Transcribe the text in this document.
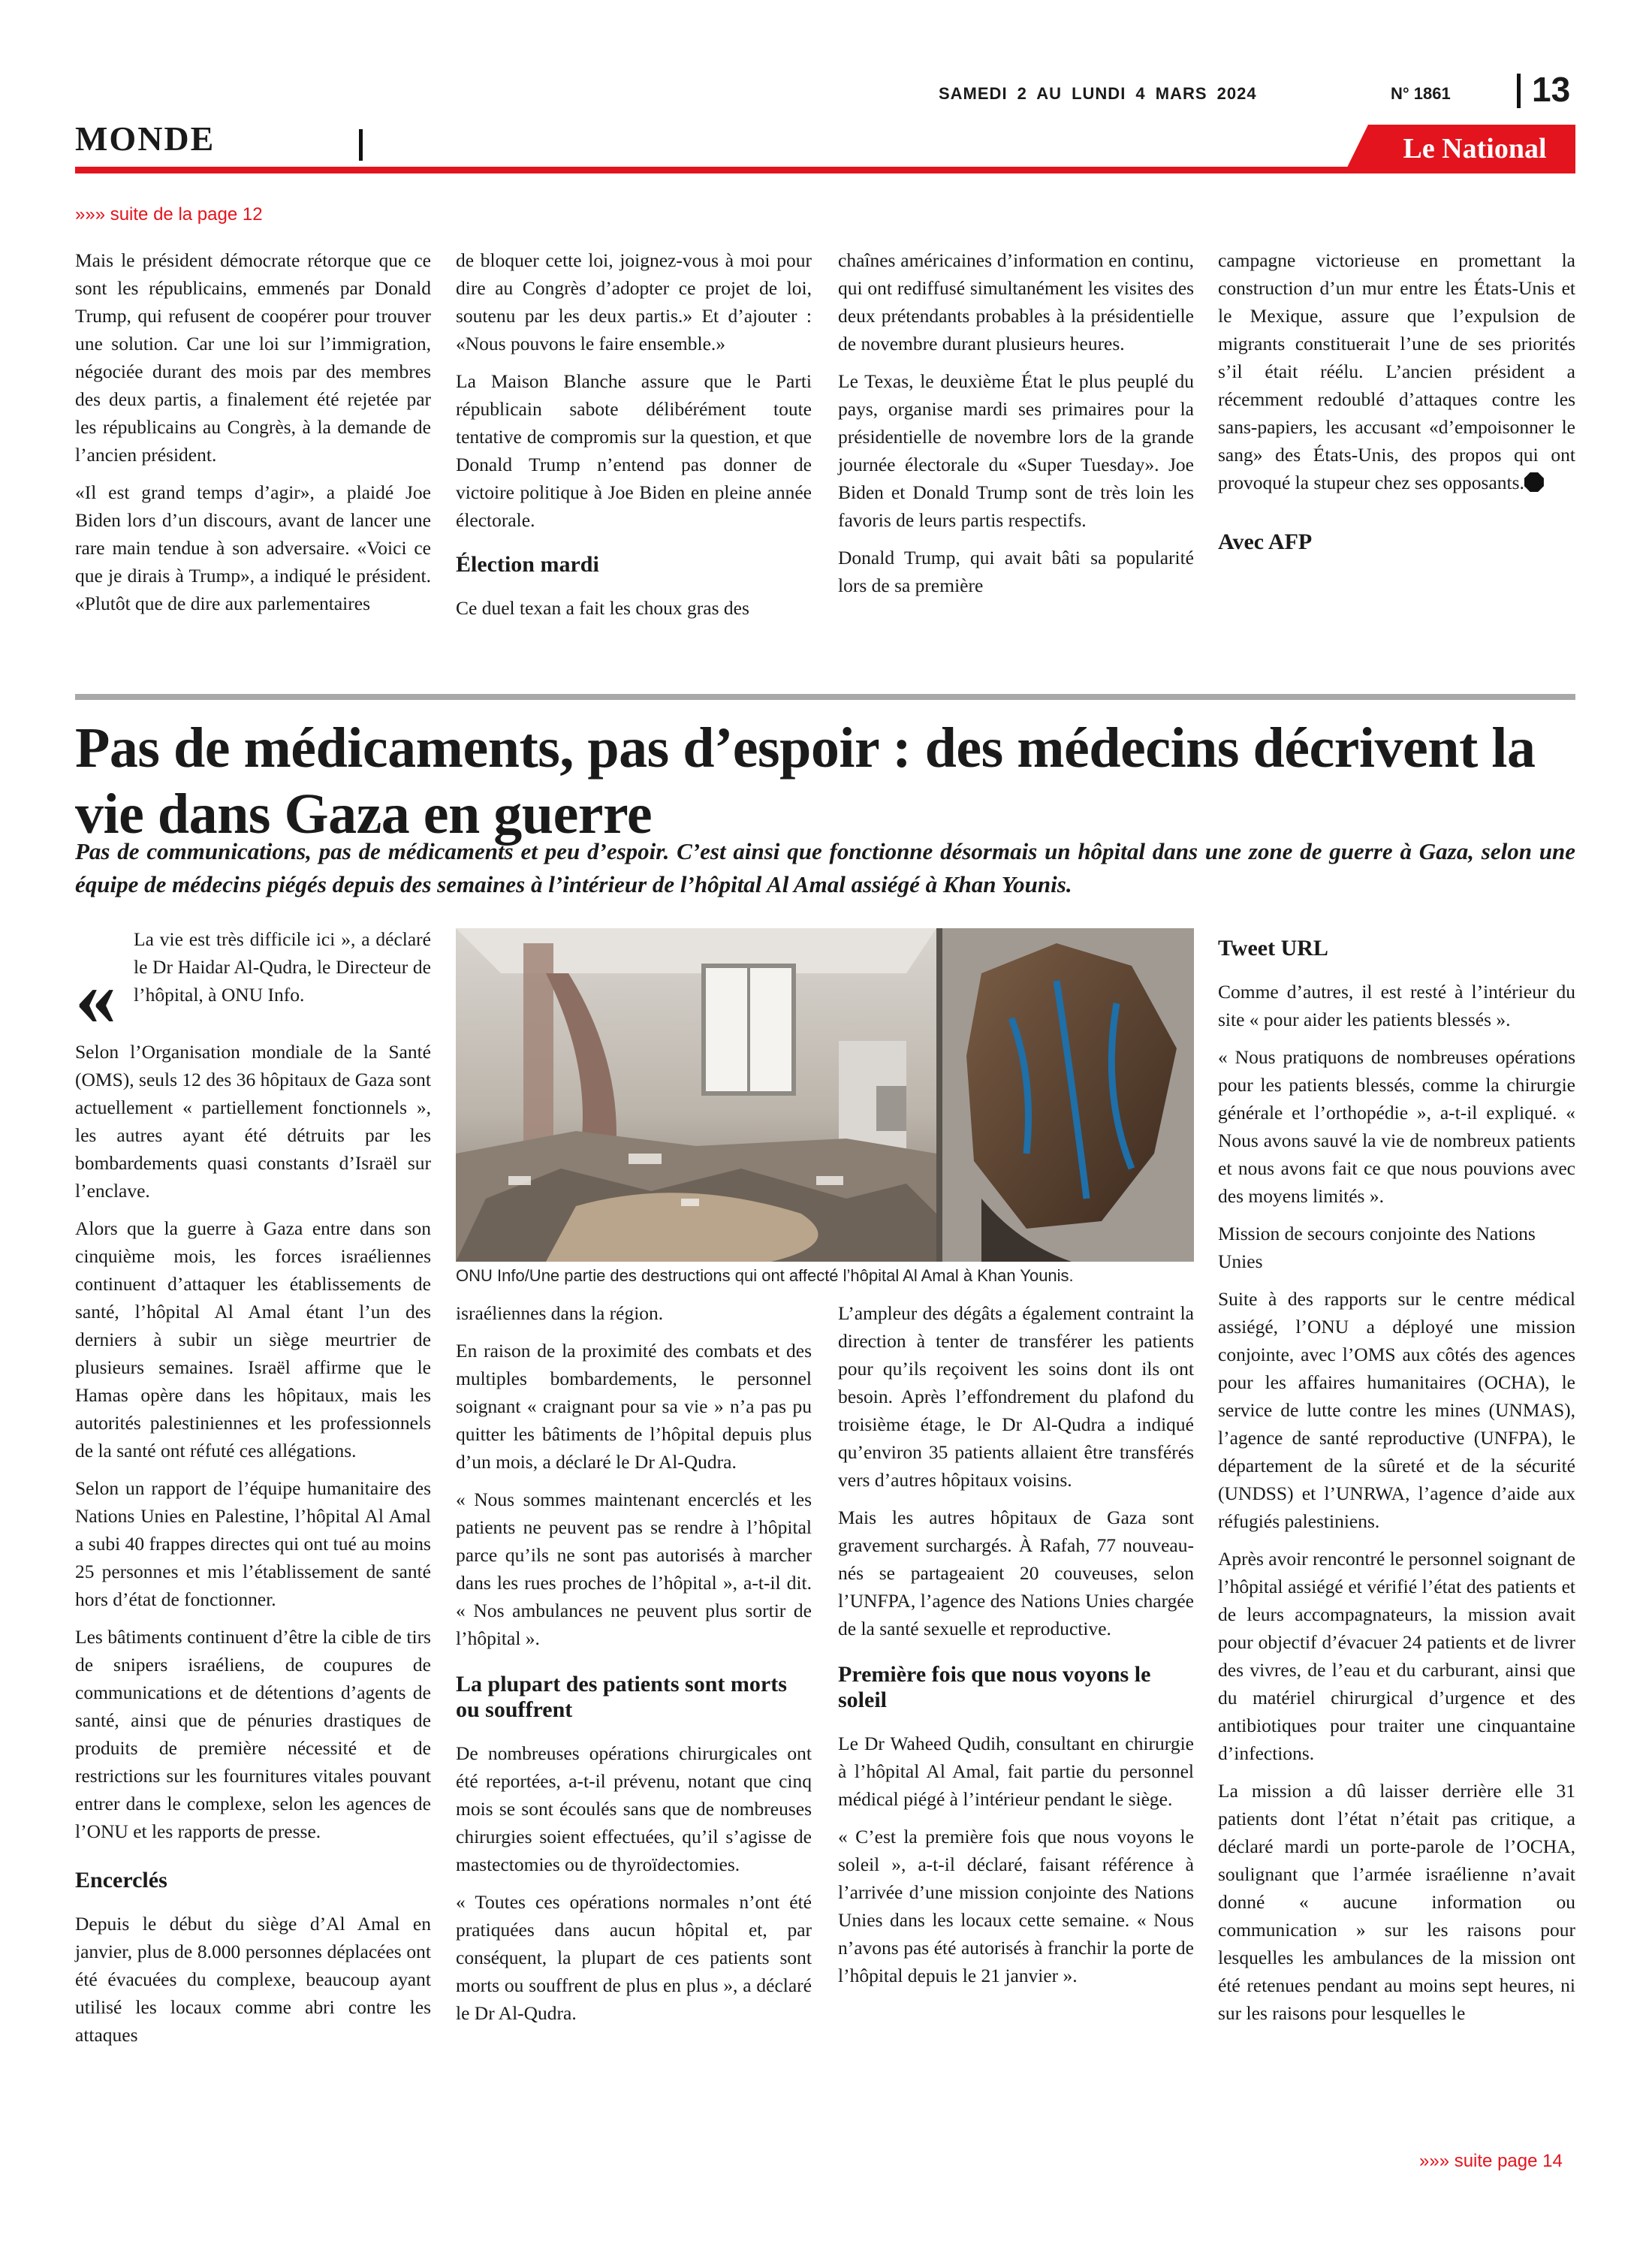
SAMEDI 2 AU LUNDI 4 MARS 2024	N° 1861 13
MONDE	Le National
»»» suite de la page 12

Mais le président démocrate rétorque que ce sont les républicains, emmenés par Donald Trump, qui refusent de coopérer pour trouver une solution. Car une loi sur l’immigration, négociée durant des mois par des membres des deux partis, a finalement été rejetée par les républicains au Congrès, à la demande de l’ancien président.

«Il est grand temps d’agir», a plaidé Joe Biden lors d’un discours, avant de lancer une rare main tendue à son adversaire. «Voici ce que je dirais à Trump», a indiqué le président. «Plutôt que de dire aux parlementaires

de bloquer cette loi, joignez-vous à moi pour dire au Congrès d’adopter ce projet de loi, soutenu par les deux partis.» Et d’ajouter : «Nous pouvons le faire ensemble.»

La Maison Blanche assure que le Parti républicain sabote délibérément toute tentative de compromis sur la question, et que Donald Trump n’entend pas donner de victoire politique à Joe Biden en pleine année électorale.

Élection mardi

Ce duel texan a fait les choux gras des

chaînes américaines d’information en continu, qui ont rediffusé simultanément les visites des deux prétendants probables à la présidentielle de novembre durant plusieurs heures.

Le Texas, le deuxième État le plus peuplé du pays, organise mardi ses primaires pour la présidentielle de novembre lors de la grande journée électorale du «Super Tuesday». Joe Biden et Donald Trump sont de très loin les favoris de leurs partis respectifs.

Donald Trump, qui avait bâti sa popularité lors de sa première

campagne victorieuse en promettant la construction d’un mur entre les États-Unis et le Mexique, assure que l’expulsion de migrants constituerait l’une de ses priorités s’il était réélu. L’ancien président a récemment redoublé d’attaques contre les sans-papiers, les accusant «d’empoisonner le sang» des États-Unis, des propos qui ont provoqué la stupeur chez ses opposants.

Avec AFP
Pas de médicaments, pas d’espoir : des médecins décrivent la vie dans Gaza en guerre

Pas de communications, pas de médicaments et peu d’espoir. C’est ainsi que fonctionne désormais un hôpital dans une zone de guerre à Gaza, selon une équipe de médecins piégés depuis des semaines à l’intérieur de l’hôpital Al Amal assiégé à Khan Younis.

«

La vie est très difficile ici », a déclaré le Dr Haidar Al-Qudra, le Directeur de l’hôpital, à ONU Info.

Selon l’Organisation mondiale de la Santé (OMS), seuls 12 des 36 hôpitaux de Gaza sont actuellement « partiellement fonctionnels », les autres ayant été détruits par les bombardements quasi constants d’Israël sur l’enclave.

Alors que la guerre à Gaza entre dans son cinquième mois, les forces israéliennes continuent d’attaquer les établissements de santé, l’hôpital Al Amal étant l’un des derniers à subir un siège meurtrier de plusieurs semaines. Israël affirme que le Hamas opère dans les hôpitaux, mais les autorités palestiniennes et les professionnels de la santé ont réfuté ces allégations.

Selon un rapport de l’équipe humanitaire des Nations Unies en Palestine, l’hôpital Al Amal a subi 40 frappes directes qui ont tué au moins 25 personnes et mis l’établissement de santé hors d’état de fonctionner.

Les bâtiments continuent d’être la cible de tirs de snipers israéliens, de coupures de communications et de détentions d’agents de santé, ainsi que de pénuries drastiques de produits de première nécessité et de restrictions sur les fournitures vitales pouvant entrer dans le complexe, selon les agences de l’ONU et les rapports de presse.

Encerclés

Depuis le début du siège d’Al Amal en janvier, plus de 8.000 personnes déplacées ont été évacuées du complexe, beaucoup ayant utilisé les locaux comme abri contre les attaques

ONU Info/Une partie des destructions qui ont affecté l’hôpital Al Amal à Khan Younis.

israéliennes dans la région.

En raison de la proximité des combats et des multiples bombardements, le personnel soignant « craignant pour sa vie » n’a pas pu quitter les bâtiments de l’hôpital depuis plus d’un mois, a déclaré le Dr Al-Qudra.

« Nous sommes maintenant encerclés et les patients ne peuvent pas se rendre à l’hôpital parce qu’ils ne sont pas autorisés à marcher dans les rues proches de l’hôpital », a-t-il dit. « Nos ambulances ne peuvent plus sortir de l’hôpital ».

La plupart des patients sont morts ou souffrent

De nombreuses opérations chirurgicales ont été reportées, a-t-il prévenu, notant que cinq mois se sont écoulés sans que de nombreuses chirurgies soient effectuées, qu’il s’agisse de mastectomies ou de thyroïdectomies.

« Toutes ces opérations normales n’ont été pratiquées dans aucun hôpital et, par conséquent, la plupart de ces patients sont morts ou souffrent de plus en plus », a déclaré le Dr Al-Qudra.

L’ampleur des dégâts a également contraint la direction à tenter de transférer les patients pour qu’ils reçoivent les soins dont ils ont besoin. Après l’effondrement du plafond du troisième étage, le Dr Al-Qudra a indiqué qu’environ 35 patients allaient être transférés vers d’autres hôpitaux voisins.

Mais les autres hôpitaux de Gaza sont gravement surchargés. À Rafah, 77 nouveau-nés se partageaient 20 couveuses, selon l’UNFPA, l’agence des Nations Unies chargée de la santé sexuelle et reproductive.

Première fois que nous voyons le soleil

Le Dr Waheed Qudih, consultant en chirurgie à l’hôpital Al Amal, fait partie du personnel médical piégé à l’intérieur pendant le siège.

« C’est la première fois que nous voyons le soleil », a-t-il déclaré, faisant référence à l’arrivée d’une mission conjointe des Nations Unies dans les locaux cette semaine. « Nous n’avons pas été autorisés à franchir la porte de l’hôpital depuis le 21 janvier ».

Tweet URL

Comme d’autres, il est resté à l’intérieur du site « pour aider les patients blessés ».

« Nous pratiquons de nombreuses opérations pour les patients blessés, comme la chirurgie générale et l’orthopédie », a-t-il expliqué. « Nous avons sauvé la vie de nombreux patients et nous avons fait ce que nous pouvions avec des moyens limités ».

Mission de secours conjointe des Nations Unies

Suite à des rapports sur le centre médical assiégé, l’ONU a déployé une mission conjointe, avec l’OMS aux côtés des agences pour les affaires humanitaires (OCHA), le service de lutte contre les mines (UNMAS), l’agence de santé reproductive (UNFPA), le département de la sûreté et de la sécurité (UNDSS) et l’UNRWA, l’agence d’aide aux réfugiés palestiniens.

Après avoir rencontré le personnel soignant de l’hôpital assiégé et vérifié l’état des patients et de leurs accompagnateurs, la mission avait pour objectif d’évacuer 24 patients et de livrer des vivres, de l’eau et du carburant, ainsi que du matériel chirurgical d’urgence et des antibiotiques pour traiter une cinquantaine d’infections.

La mission a dû laisser derrière elle 31 patients dont l’état n’était pas critique, a déclaré mardi un porte-parole de l’OCHA, soulignant que l’armée israélienne n’avait donné « aucune information ou communication » sur les raisons pour lesquelles les ambulances de la mission ont été retenues pendant au moins sept heures, ni sur les raisons pour lesquelles le

»»» suite page 14
